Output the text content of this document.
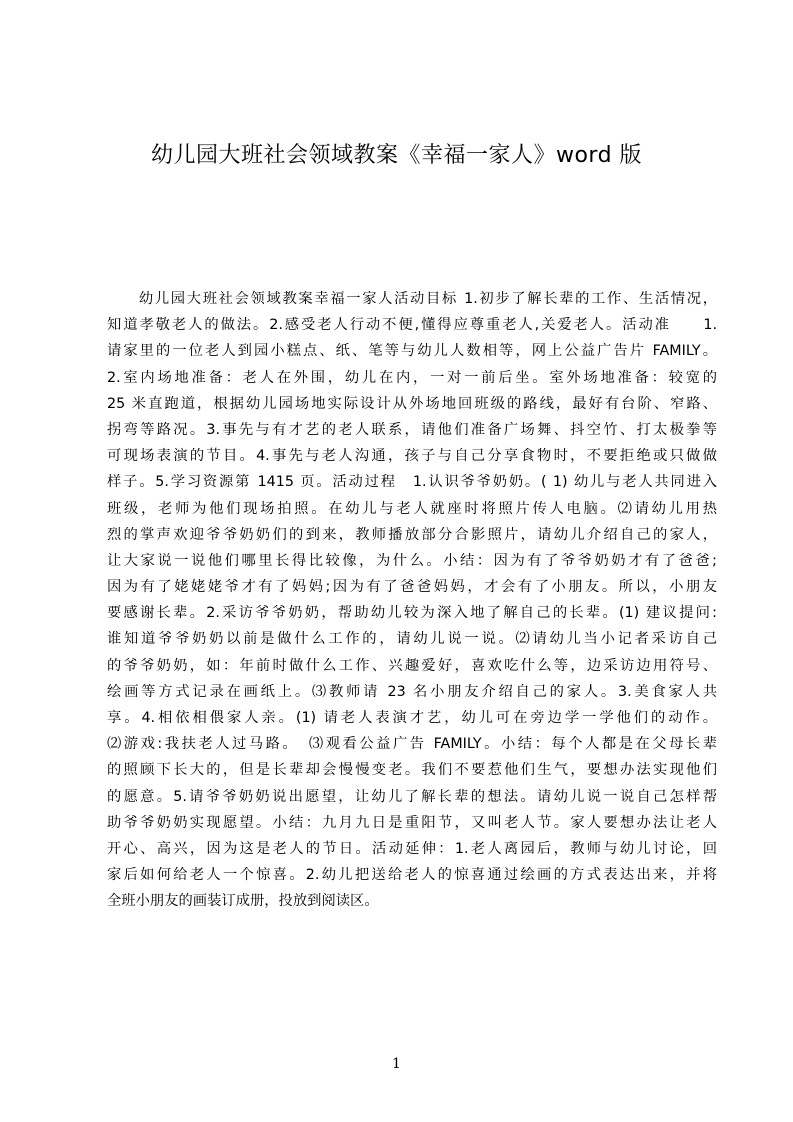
幼儿园大班社会领域教案《幸福一家人》word 版
　　幼儿园大班社会领域教案幸福一家人活动目标 1.初步了解长辈的工作、生活情况，
知道孝敬老人的做法。2.感受老人行动不便,懂得应尊重老人,关爱老人。活动准　　1.
请家里的一位老人到园小糕点、纸、笔等与幼儿人数相等，网上公益广告片 FAMILY。
2.室内场地准备：老人在外围，幼儿在内，一对一前后坐。室外场地准备：较宽的
25 米直跑道，根据幼儿园场地实际设计从外场地回班级的路线，最好有台阶、窄路、
拐弯等路况。3.事先与有才艺的老人联系，请他们准备广场舞、抖空竹、打太极拳等
可现场表演的节目。4.事先与老人沟通，孩子与自己分享食物时，不要拒绝或只做做
样子。5.学习资源第 1415 页。活动过程　1.认识爷爷奶奶。( 1) 幼儿与老人共同进入
班级，老师为他们现场拍照。在幼儿与老人就座时将照片传人电脑。⑵请幼儿用热
烈的掌声欢迎爷爷奶奶们的到来，教师播放部分合影照片，请幼儿介绍自己的家人，
让大家说一说他们哪里长得比较像，为什么。小结：因为有了爷爷奶奶才有了爸爸;
因为有了姥姥姥爷才有了妈妈;因为有了爸爸妈妈，才会有了小朋友。所以，小朋友
要感谢长辈。2.采访爷爷奶奶，帮助幼儿较为深入地了解自己的长辈。(1) 建议提问:
谁知道爷爷奶奶以前是做什么工作的，请幼儿说一说。⑵请幼儿当小记者采访自己
的爷爷奶奶，如：年前时做什么工作、兴趣爱好，喜欢吃什么等，边采访边用符号、
绘画等方式记录在画纸上。⑶教师请 23 名小朋友介绍自己的家人。3.美食家人共
享。4.相依相偎家人亲。(1) 请老人表演才艺，幼儿可在旁边学一学他们的动作。
⑵游戏:我扶老人过马路。　⑶观看公益广告 FAMILY。小结：每个人都是在父母长辈
的照顾下长大的，但是长辈却会慢慢变老。我们不要惹他们生气，要想办法实现他们
的愿意。5.请爷爷奶奶说出愿望，让幼儿了解长辈的想法。请幼儿说一说自己怎样帮
助爷爷奶奶实现愿望。小结：九月九日是重阳节，又叫老人节。家人要想办法让老人
开心、高兴，因为这是老人的节日。活动延伸：1.老人离园后，教师与幼儿讨论，回
家后如何给老人一个惊喜。2.幼儿把送给老人的惊喜通过绘画的方式表达出来，并将
全班小朋友的画装订成册，投放到阅读区。
1
